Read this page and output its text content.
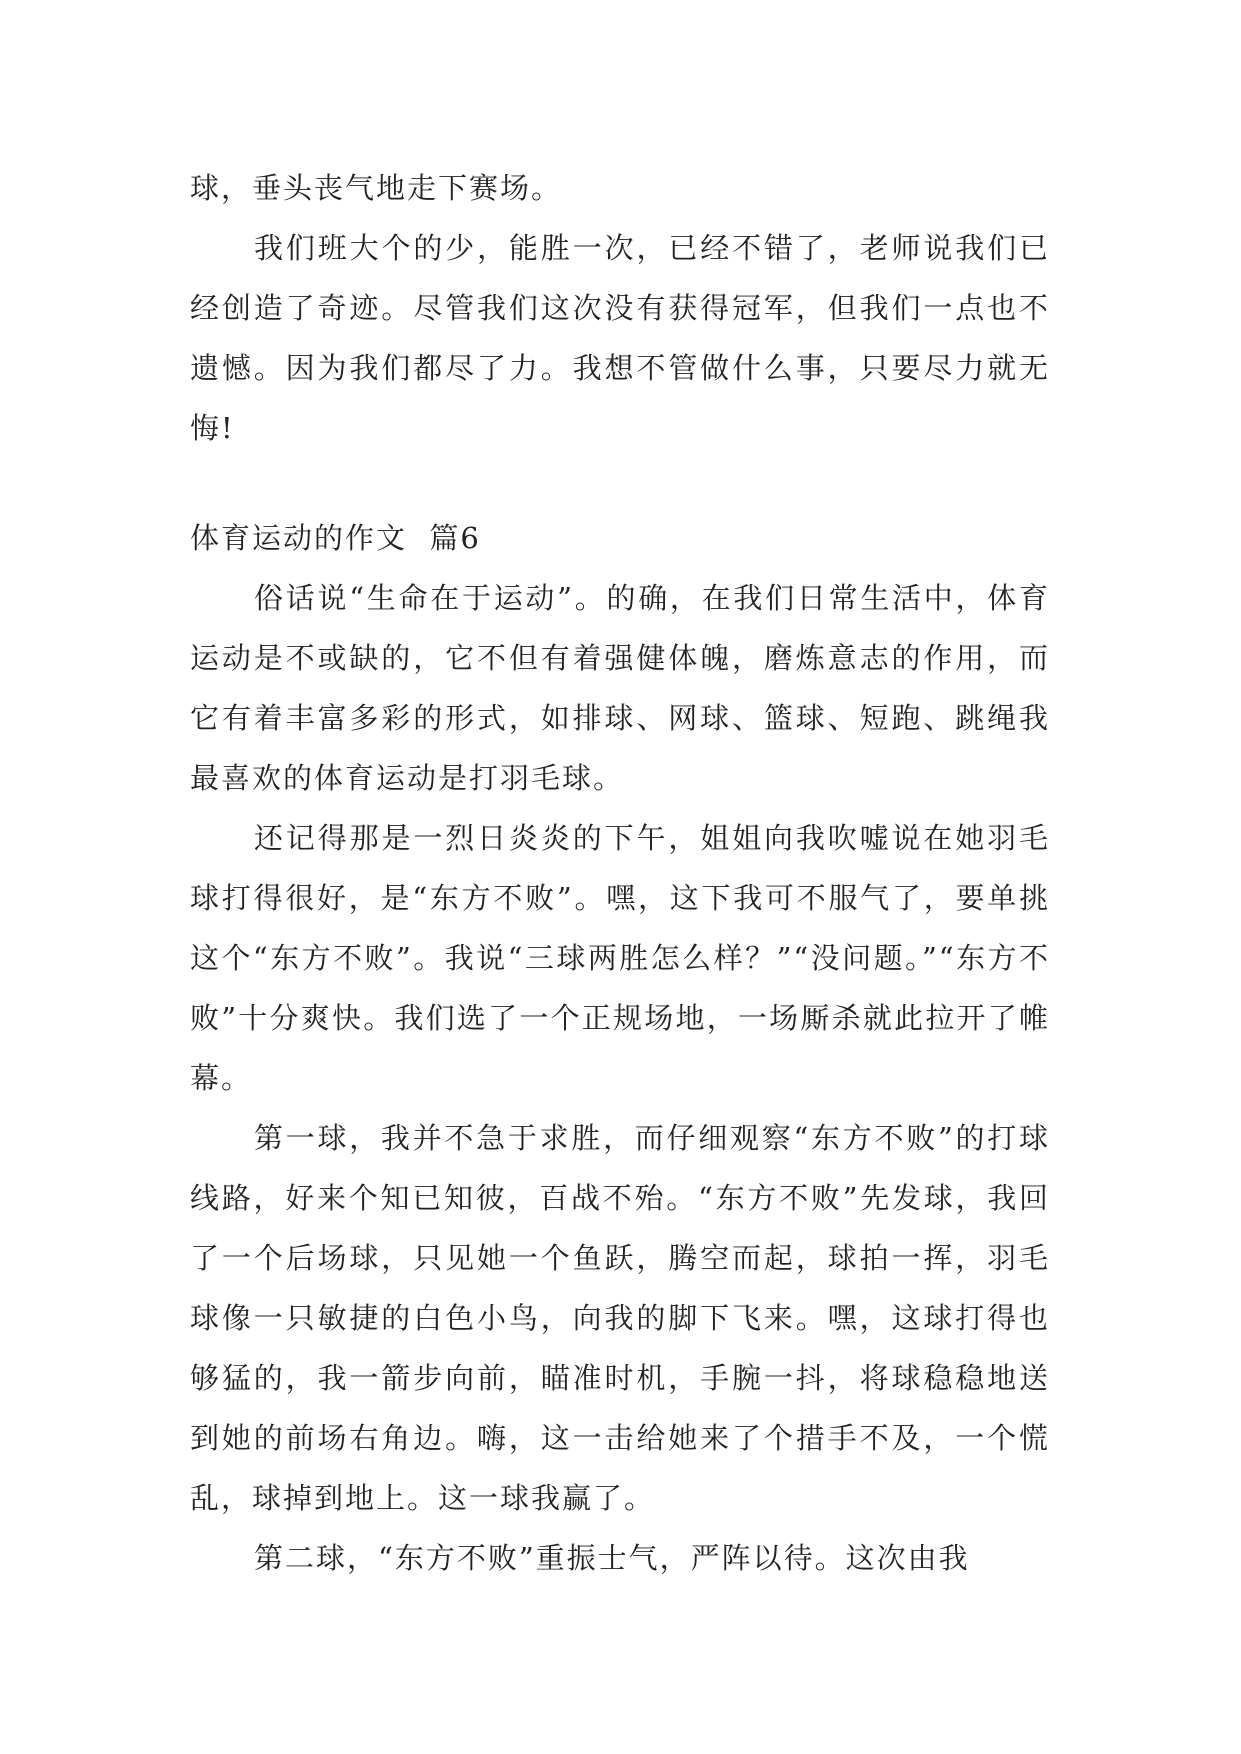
球，垂头丧气地走下赛场。

我们班大个的少，能胜一次，已经不错了，老师说我们已经创造了奇迹。尽管我们这次没有获得冠军，但我们一点也不遗憾。因为我们都尽了力。我想不管做什么事，只要尽力就无悔!

体育运动的作文  篇6

俗话说“生命在于运动”。的确，在我们日常生活中，体育运动是不或缺的，它不但有着强健体魄，磨炼意志的作用，而它有着丰富多彩的形式，如排球、网球、篮球、短跑、跳绳我最喜欢的体育运动是打羽毛球。

还记得那是一烈日炎炎的下午，姐姐向我吹嘘说在她羽毛球打得很好，是“东方不败”。嘿，这下我可不服气了，要单挑这个“东方不败”。我说“三球两胜怎么样？”“没问题。”“东方不败”十分爽快。我们选了一个正规场地，一场厮杀就此拉开了帷幕。

第一球，我并不急于求胜，而仔细观察“东方不败”的打球线路，好来个知已知彼，百战不殆。“东方不败”先发球，我回了一个后场球，只见她一个鱼跃，腾空而起，球拍一挥，羽毛球像一只敏捷的白色小鸟，向我的脚下飞来。嘿，这球打得也够猛的，我一箭步向前，瞄准时机，手腕一抖，将球稳稳地送到她的前场右角边。嗨，这一击给她来了个措手不及，一个慌乱，球掉到地上。这一球我赢了。

第二球，“东方不败”重振士气，严阵以待。这次由我
